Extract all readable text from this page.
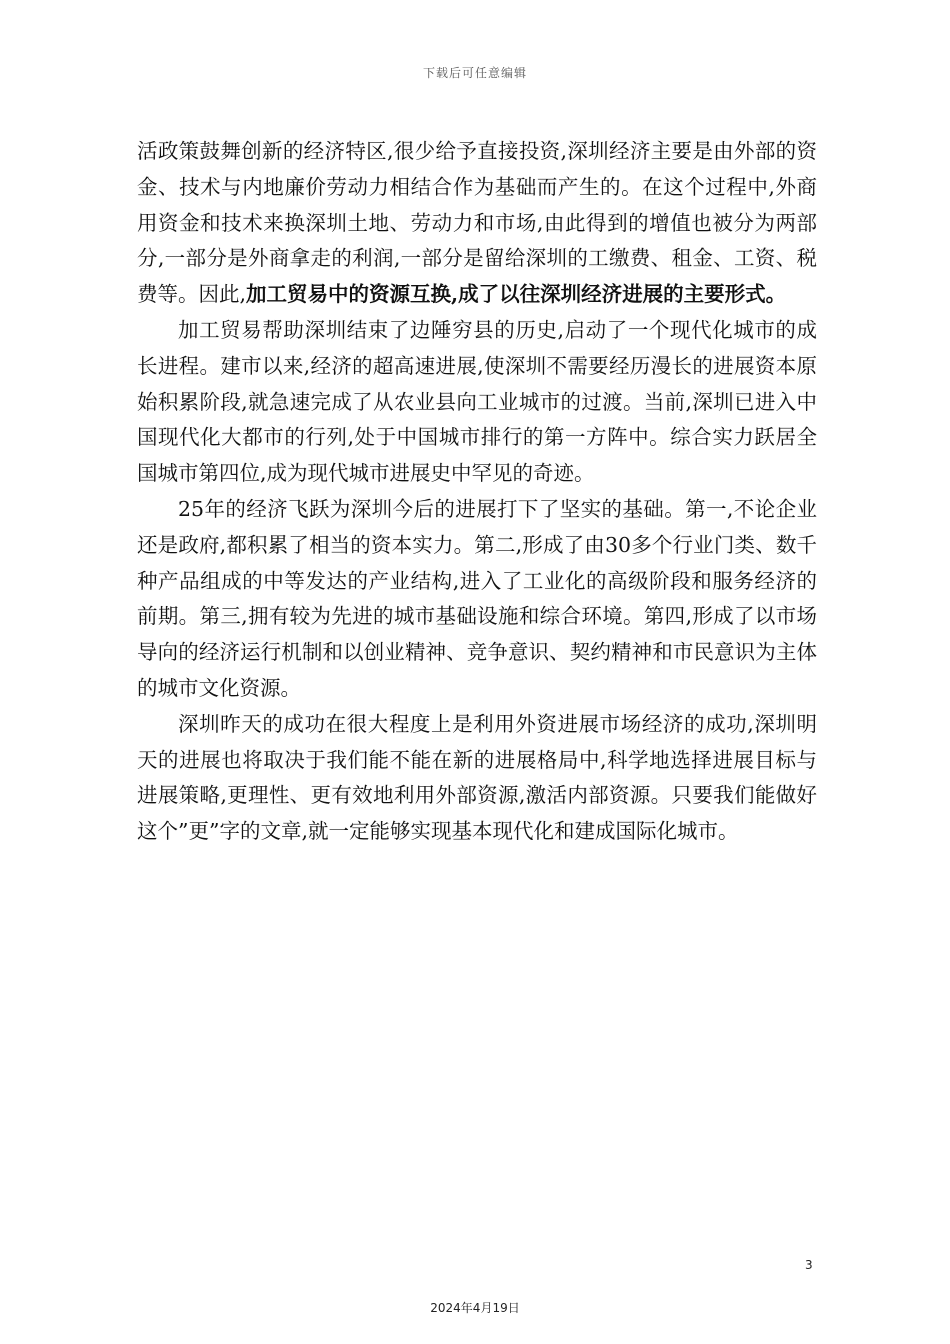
下载后可任意编辑

活政策鼓舞创新的经济特区,很少给予直接投资,深圳经济主要是由外部的资金、技术与内地廉价劳动力相结合作为基础而产生的。在这个过程中,外商用资金和技术来换深圳土地、劳动力和市场,由此得到的增值也被分为两部分,一部分是外商拿走的利润,一部分是留给深圳的工缴费、租金、工资、税费等。因此,加工贸易中的资源互换,成了以往深圳经济进展的主要形式。

加工贸易帮助深圳结束了边陲穷县的历史,启动了一个现代化城市的成长进程。建市以来,经济的超高速进展,使深圳不需要经历漫长的进展资本原始积累阶段,就急速完成了从农业县向工业城市的过渡。当前,深圳已进入中国现代化大都市的行列,处于中国城市排行的第一方阵中。综合实力跃居全国城市第四位,成为现代城市进展史中罕见的奇迹。

25年的经济飞跃为深圳今后的进展打下了坚实的基础。第一,不论企业还是政府,都积累了相当的资本实力。第二,形成了由30多个行业门类、数千种产品组成的中等发达的产业结构,进入了工业化的高级阶段和服务经济的前期。第三,拥有较为先进的城市基础设施和综合环境。第四,形成了以市场导向的经济运行机制和以创业精神、竞争意识、契约精神和市民意识为主体的城市文化资源。

深圳昨天的成功在很大程度上是利用外资进展市场经济的成功,深圳明天的进展也将取决于我们能不能在新的进展格局中,科学地选择进展目标与进展策略,更理性、更有效地利用外部资源,激活内部资源。只要我们能做好这个”更”字的文章,就一定能够实现基本现代化和建成国际化城市。

3
2024年4月19日
